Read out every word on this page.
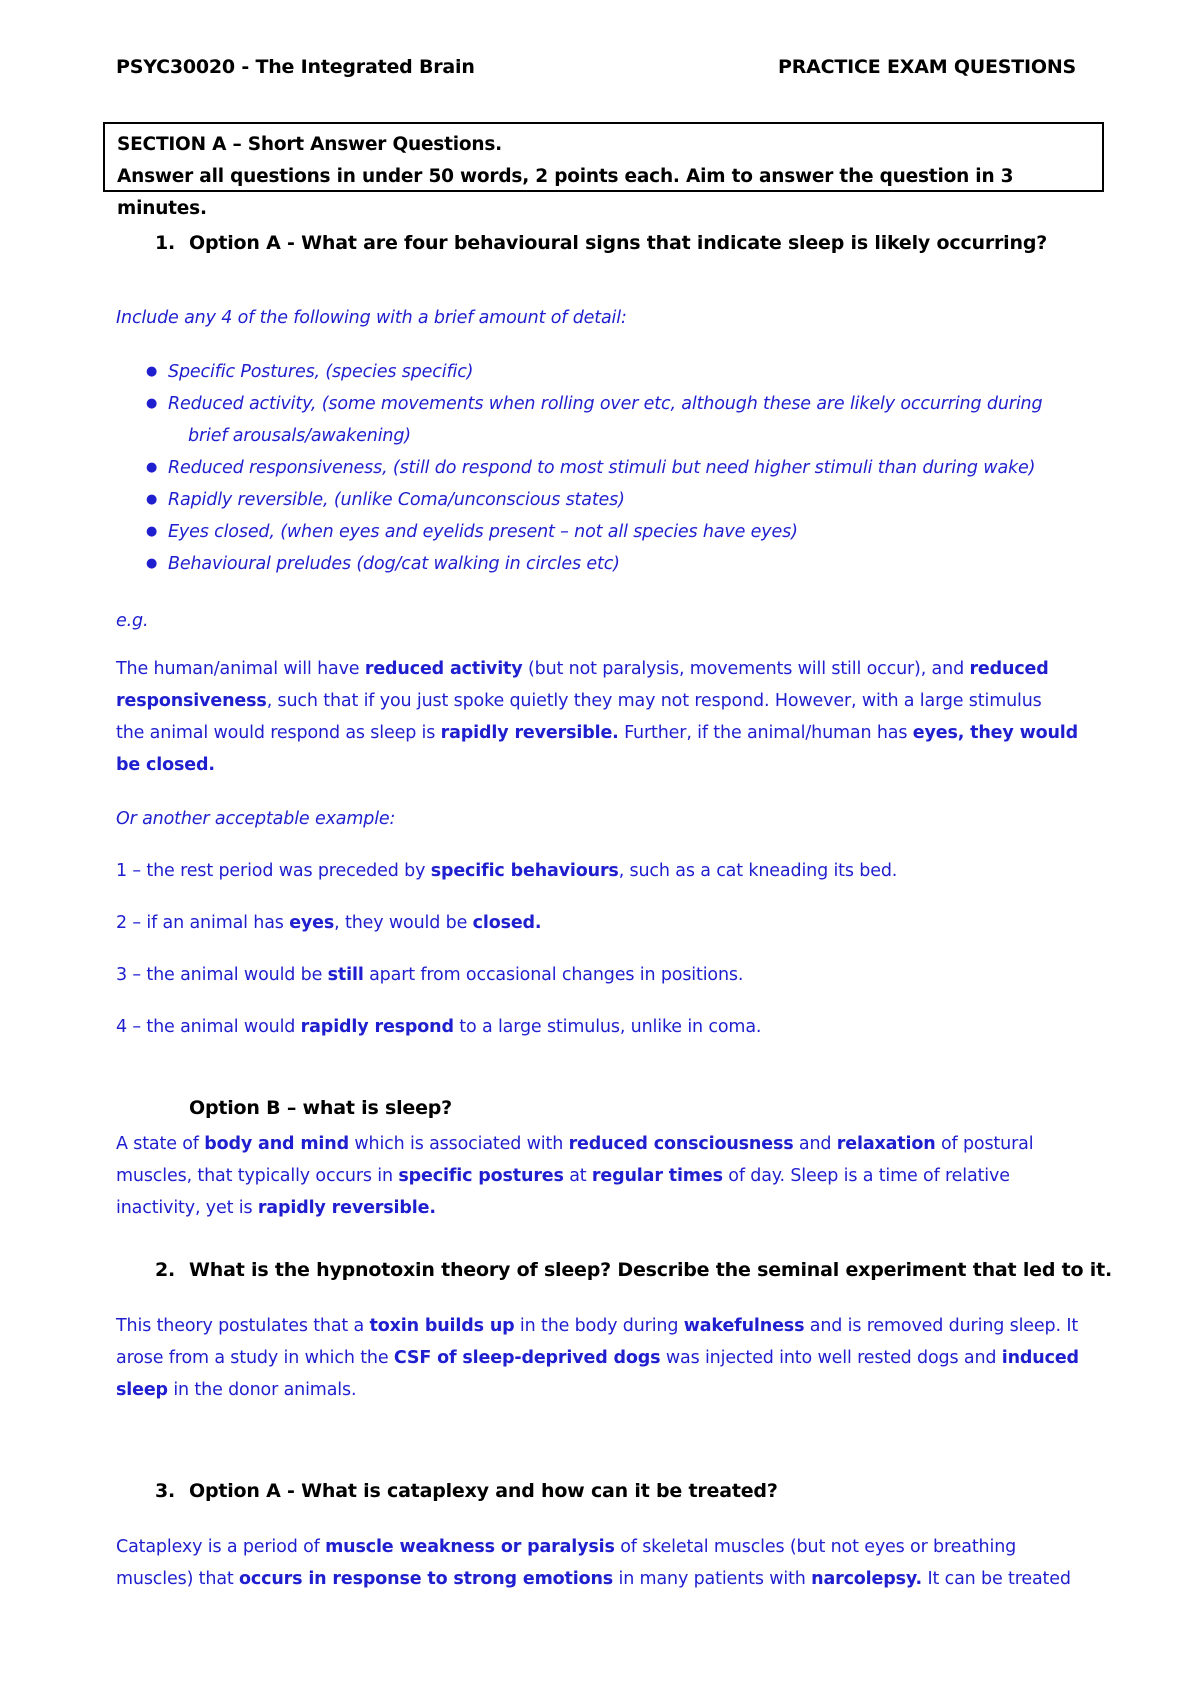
PSYC30020 - The Integrated Brain	PRACTICE EXAM QUESTIONS
SECTION A – Short Answer Questions.
Answer all questions in under 50 words, 2 points each. Aim to answer the question in 3 minutes.
1. Option A - What are four behavioural signs that indicate sleep is likely occurring?
Include any 4 of the following with a brief amount of detail:
● Specific Postures, (species specific)
● Reduced activity, (some movements when rolling over etc, although these are likely occurring during
brief arousals/awakening)
● Reduced responsiveness, (still do respond to most stimuli but need higher stimuli than during wake)
● Rapidly reversible, (unlike Coma/unconscious states)
● Eyes closed, (when eyes and eyelids present – not all species have eyes)
● Behavioural preludes (dog/cat walking in circles etc)
e.g.
The human/animal will have reduced activity (but not paralysis, movements will still occur), and reduced
responsiveness, such that if you just spoke quietly they may not respond. However, with a large stimulus
the animal would respond as sleep is rapidly reversible. Further, if the animal/human has eyes, they would
be closed.
Or another acceptable example:
1 – the rest period was preceded by specific behaviours, such as a cat kneading its bed.
2 – if an animal has eyes, they would be closed.
3 – the animal would be still apart from occasional changes in positions.
4 – the animal would rapidly respond to a large stimulus, unlike in coma.
Option B – what is sleep?
A state of body and mind which is associated with reduced consciousness and relaxation of postural
muscles, that typically occurs in specific postures at regular times of day. Sleep is a time of relative
inactivity, yet is rapidly reversible.
2. What is the hypnotoxin theory of sleep? Describe the seminal experiment that led to it.
This theory postulates that a toxin builds up in the body during wakefulness and is removed during sleep. It
arose from a study in which the CSF of sleep-deprived dogs was injected into well rested dogs and induced
sleep in the donor animals.
3. Option A - What is cataplexy and how can it be treated?
Cataplexy is a period of muscle weakness or paralysis of skeletal muscles (but not eyes or breathing
muscles) that occurs in response to strong emotions in many patients with narcolepsy. It can be treated
